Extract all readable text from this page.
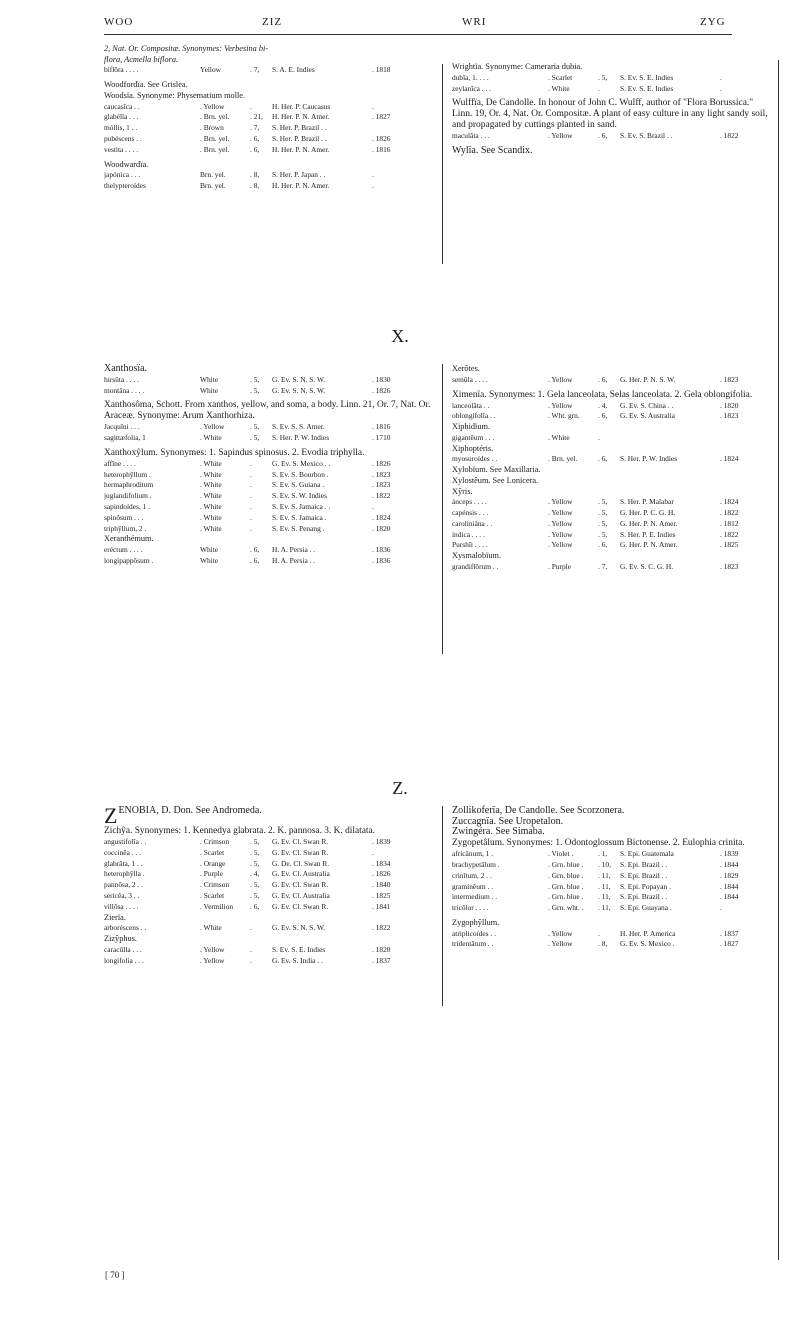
WOO	ZIZ	WRI	ZYG

2, Nat. Or. Compositæ. Synonymes: Verbesina bi-

flora, Acmella biflora.

biflôra . . . .	Yellow	. 7,	S. A. E. Indies	. 1818

Woodfordïa. See Grislea.

Woodsïa. Synonyme: Physematium molle.

caucasîca . .	. Yellow	.	H. Her. P. Caucasus	.
glabélla . . .	. Brn. yel.	. 21,	H. Her. P. N. Amer.	. 1827
móllis, 1 . .	. Brown	. 7,	S. Her. P. Brazil . .
pubéscens . .	. Brn. yel.	. 6,	S. Her. P. Brazil . .	. 1826
vestita . . . .	. Brn. yel.	. 6,	H. Her. P. N. Amer.	. 1816

Woodwardïa.

japónica . . .	Brn. yel.	. 8,	S. Her. P. Japan . .	.
thelypteroídes	Brn. yel.	. 8,	H. Her. P. N. Amer.	.

Wrightïa. Synonyme: Cameraria dubia.

dubîa, 1. . . .	. Scarlet	. 5,	S. Ev. S. E. Indies	.
zeylanîca . . .	. White	.	S. Ev. S. E. Indies	.

Wulffïa, De Candolle. In honour of John C. Wulff, author of "Flora Borussica." Linn. 19, Or. 4, Nat. Or. Compositæ. A plant of easy culture in any light sandy soil, and propagated by cuttings planted in sand.

maculâta . . .	. Yellow	. 6,	S. Ev. S. Brazil . .	. 1822

Wylïa. See Scandix.

X.

Xanthosïa.

hirsûta . . . .	White	. 5,	G. Ev. S. N. S. W.	. 1830
montâna . . . .	White	. 5,	G. Ev. S. N. S. W.	. 1826

Xanthosôma, Schott. From xanthos, yellow, and soma, a body. Linn. 21, Or. 7, Nat. Or. Araceæ. Synonyme: Arum Xanthorhiza.

Jacquîni . . .	. Yellow	. 5,	S. Ev. S. S. Amer.	. 1816
sagittæfolia, 1	. White	. 5,	S. Her. P. W. Indies	. 1710

Xanthoxŷlum. Synonymes: 1. Sapindus spinosus. 2. Evodia triphylla.

affîne . . . .	. White	.	G. Ev. S. Mexico . .	. 1826
heterophŷllum .	. White	.	S. Ev. S. Bourbon .	. 1823
hermaphroditum	. White	.	S. Ev. S. Guiana .	. 1823
juglandifolium .	. White	.	S. Ev. S. W. Indies	. 1822
sapindoídes, 1 .	. White	.	S. Ev. S. Jamaica . .	.
spinôsum . . .	. White	.	S. Ev. S. Jamaica .	. 1824
triphŷllum, 2 .	. White	.	S. Ev. S. Penang .	. 1820

Xeranthémum.

eréctum . . . .	White	. 6,	H. A. Persia . .	. 1836
longipappôsum .	White	. 6,	H. A. Persia . .	. 1836

Xerôtes.

semûla . . . .	. Yellow	. 6,	G. Her. P. N. S. W.	. 1823

Ximenïa. Synonymes: 1. Gela lanceolata, Selas lanceolata. 2. Gela oblongifolia.

lanceolâta . .	. Yellow	. 4,	G. Ev. S. China . .	. 1820
oblongifolîa . .	. Wht. grn.	. 6,	G. Ev. S. Australia	. 1823

Xiphidïum.

gigantêum . . .	. White	.

Xiphoptéris.

myosuroídes . .	. Brn. yel.	. 6,	S. Her. P. W. Indies	. 1824

Xylobïum. See Maxillaria.

Xylostêum. See Lonicera.

Xŷris.

ánceps . . . .	. Yellow	. 5,	S. Her. P. Malabar	. 1824
capénsis . . .	. Yellow	. 5,	G. Her. P. C. G. H.	. 1822
caroliniâna . .	. Yellow	. 5,	G. Her. P. N. Amer.	. 1812
índica . . . .	. Yellow	. 5,	S. Her. P. E. Indies	. 1822
Purshîi . . . .	. Yellow	. 6,	G. Her. P. N. Amer.	. 1825

Xysmalobïum.

grandiflôrum . .	. Purple	. 7,	G. Ev. S. C. G. H.	. 1823
Z.

ZENOBIA, D. Don. See Andromeda.

Zichŷa. Synonymes: 1. Kennedya glabrata. 2. K. pannosa. 3. K. dilatata.

angustifolîa . .	. Crimson	. 5,	G. Ev. Cl. Swan R.	. 1839
coccinêa . . .	. Scarlet	. 5,	G. Ev. Cl. Swan R.	.
glabrâta, 1 . .	. Orange	. 5,	G. De. Cl. Swan R.	. 1834
heterophŷlla .	. Purple	. 4,	G. Ev. Cl. Australia	. 1826
pannôsa, 2 . .	. Crimson	. 5,	G. Ev. Cl. Swan R.	. 1840
sericêa, 3 . .	. Scarlet	. 5,	G. Ev. Cl. Australia	. 1825
villôsa . . . .	. Vermilion	. 6,	G. Ev. Cl. Swan R.	. 1841

Zierïa.

arboréscens . .	. White	.	G. Ev. S. N. S. W.	. 1822

Zizŷphus.

caracûlla . . .	. Yellow	.	S. Ev. S. E. Indies	. 1820
longifolia . . .	. Yellow	.	G. Ev. S. India . .	. 1837

Zollikoferïa, De Candolle. See Scorzonera.

Zuccagnïa. See Uropetalon.

Zwingéra. See Simaba.

Zygopetâlum. Synonymes: 1. Odontoglossum Bictonense. 2. Eulophia crinita.

africânum, 1 .	. Violet .	. 1,	S. Epi. Guatemala	. 1839
brachypetâlum .	. Grn. blue .	. 10,	S. Epi. Brazil . .	. 1844
crinîtum, 2 . .	. Grn. blue .	. 11,	S. Epi. Brazil . .	. 1829
gramínêum . .	. Grn. blue .	. 11,	S. Epi. Popayan .	. 1844
intermedium . .	. Grn. blue .	. 11,	S. Epi. Brazil . .	. 1844
tricôlor . . . .	. Grn. wht. .	. 11,	S. Epi. Guayana .	.

Zygophŷllum.

atriplicoídes . .	. Yellow	.	H. Her. P. America	. 1837
tridentâtum . .	. Yellow	. 8,	G. Ev. S. Mexico .	. 1827
[ 70 ]
